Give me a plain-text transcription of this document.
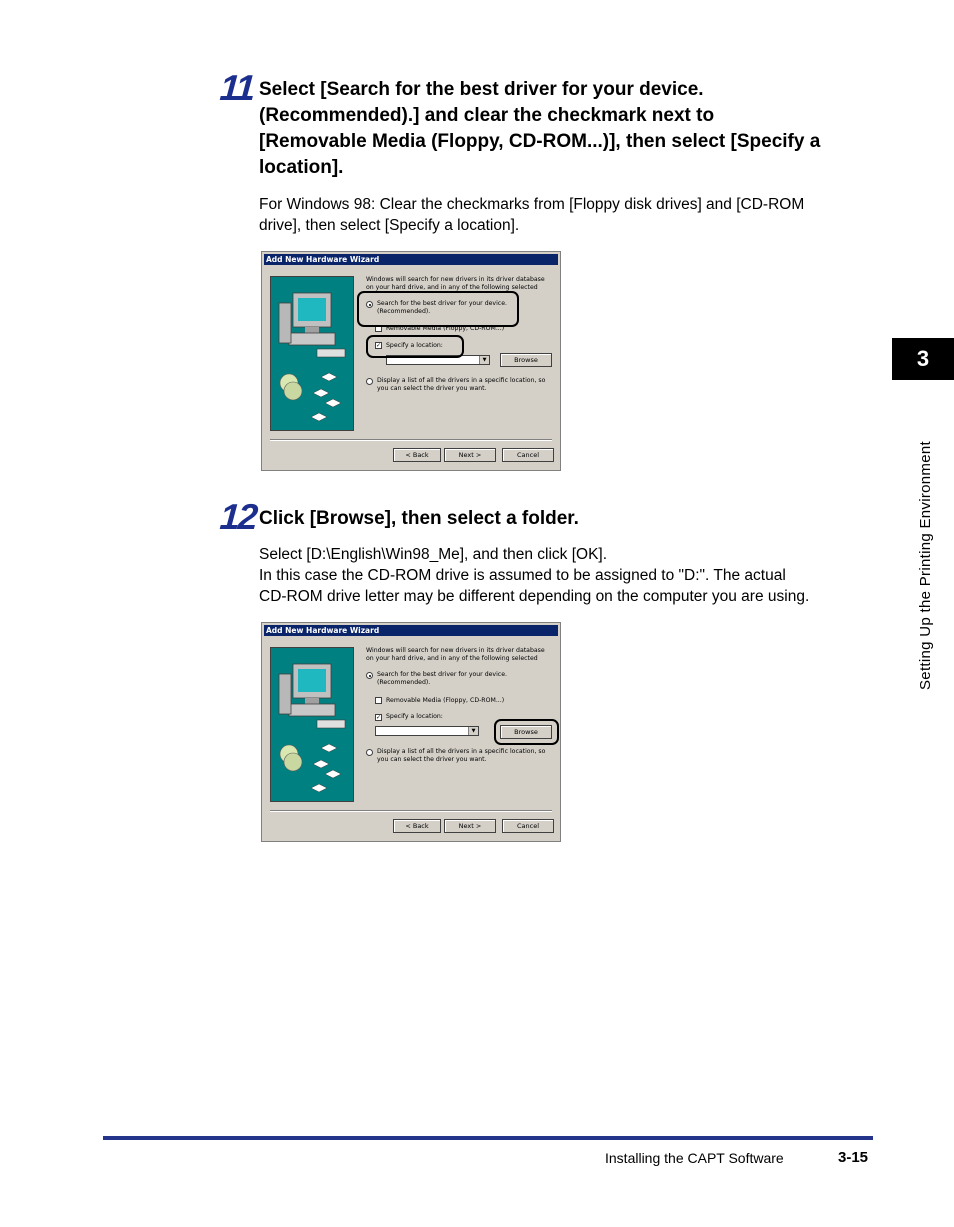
11 Select [Search for the best driver for your device.
(Recommended).] and clear the checkmark next to
[Removable Media (Floppy, CD-ROM...)], then select [Specify a
location].
For Windows 98: Clear the checkmarks from [Floppy disk drives] and [CD-ROM
drive], then select [Specify a location].
Add New Hardware Wizard
Windows will search for new drivers in its driver database
on your hard drive, and in any of the following selected
Search for the best driver for your device.
(Recommended).
Removable Media (Floppy, CD-ROM...)
✓ Specify a location:
▼	Browse
Display a list of all the drivers in a specific location, so
you can select the driver you want.
< Back	Next >	Cancel
12 Click [Browse], then select a folder.
Select [D:\English\Win98_Me], and then click [OK].
In this case the CD-ROM drive is assumed to be assigned to "D:". The actual
CD-ROM drive letter may be different depending on the computer you are using.
Add New Hardware Wizard
Windows will search for new drivers in its driver database
on your hard drive, and in any of the following selected
Search for the best driver for your device.
(Recommended).
Removable Media (Floppy, CD-ROM...)
✓ Specify a location:
▼	Browse
Display a list of all the drivers in a specific location, so
you can select the driver you want.
< Back	Next >	Cancel
3
Setting Up the Printing Environment
Installing the CAPT Software	3-15
